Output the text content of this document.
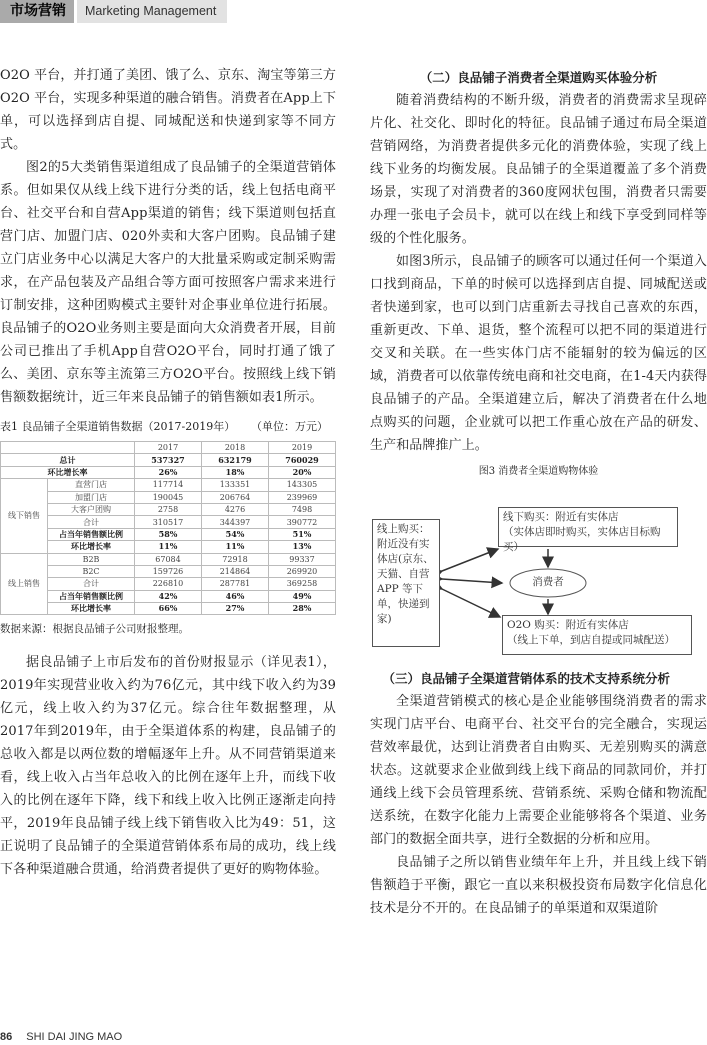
市场营销	Marketing Management

O2O 平台，并打通了美团、饿了么、京东、淘宝等第三方 O2O 平台，实现多种渠道的融合销售。消费者在App上下单，可以选择到店自提、同城配送和快递到家等不同方式。

图2的5大类销售渠道组成了良品铺子的全渠道营销体系。但如果仅从线上线下进行分类的话，线上包括电商平台、社交平台和自营App渠道的销售；线下渠道则包括直营门店、加盟门店、020外卖和大客户团购。良品铺子建立门店业务中心以满足大客户的大批量采购或定制采购需求，在产品包装及产品组合等方面可按照客户需求来进行订制安排，这种团购模式主要针对企事业单位进行拓展。良品铺子的O2O业务则主要是面向大众消费者开展，目前公司已推出了手机App自营O2O平台，同时打通了饿了么、美团、京东等主流第三方O2O平台。按照线上线下销售额数据统计，近三年来良品铺子的销售额如表1所示。

表1 良品铺子全渠道销售数据（2017-2019年） （单位：万元）
		2017	2018	2019
总计		537327	632179	760029
环比增长率		26%	18%	20%
线下销售	直营门店	117714	133351	143305
	加盟门店	190045	206764	239969
	大客户团购	2758	4276	7498
	合计	310517	344397	390772
	占当年销售额比例	58%	54%	51%
	环比增长率	11%	11%	13%
线上销售	B2B	67084	72918	99337
	B2C	159726	214864	269920
	合计	226810	287781	369258
	占当年销售额比例	42%	46%	49%
	环比增长率	66%	27%	28%
数据来源：根据良品铺子公司财报整理。

据良品铺子上市后发布的首份财报显示（详见表1），2019年实现营业收入约为76亿元，其中线下收入约为39亿元，线上收入约为37亿元。综合往年数据整理，从2017年到2019年，由于全渠道体系的构建，良品铺子的总收入都是以两位数的增幅逐年上升。从不同营销渠道来看，线上收入占当年总收入的比例在逐年上升，而线下收入的比例在逐年下降，线下和线上收入比例正逐渐走向持平，2019年良品铺子线上线下销售收入比为49：51，这正说明了良品铺子的全渠道营销体系布局的成功，线上线下各种渠道融合贯通，给消费者提供了更好的购物体验。

（二）良品铺子消费者全渠道购买体验分析

随着消费结构的不断升级，消费者的消费需求呈现碎片化、社交化、即时化的特征。良品铺子通过布局全渠道营销网络，为消费者提供多元化的消费体验，实现了线上线下业务的均衡发展。良品铺子的全渠道覆盖了多个消费场景，实现了对消费者的360度网状包围，消费者只需要办理一张电子会员卡，就可以在线上和线下享受到同样等级的个性化服务。

如图3所示，良品铺子的顾客可以通过任何一个渠道入口找到商品，下单的时候可以选择到店自提、同城配送或者快递到家，也可以到门店重新去寻找自己喜欢的东西，重新更改、下单、退货，整个流程可以把不同的渠道进行交叉和关联。在一些实体门店不能辐射的较为偏远的区域，消费者可以依靠传统电商和社交电商，在1-4天内获得良品铺子的产品。全渠道建立后，解决了消费者在什么地点购买的问题，企业就可以把工作重心放在产品的研发、生产和品牌推广上。

图3 消费者全渠道购物体验
线上购买：附近没有实体店(京东、天猫、自营APP 等下单，快递到家)
线下购买：附近有实体店
（实体店即时购买，实体店目标购买）
消费者
O2O 购买：附近有实体店
（线上下单，到店自提或同城配送）

（三）良品铺子全渠道营销体系的技术支持系统分析

全渠道营销模式的核心是企业能够围绕消费者的需求实现门店平台、电商平台、社交平台的完全融合，实现运营效率最优，达到让消费者自由购买、无差别购买的满意状态。这就要求企业做到线上线下商品的同款同价，并打通线上线下会员管理系统、营销系统、采购仓储和物流配送系统，在数字化能力上需要企业能够将各个渠道、业务部门的数据全面共享，进行全数据的分析和应用。

良品铺子之所以销售业绩年年上升，并且线上线下销售额趋于平衡，跟它一直以来积极投资布局数字化信息化技术是分不开的。在良品铺子的单渠道和双渠道阶

86 SHI DAI JING MAO
